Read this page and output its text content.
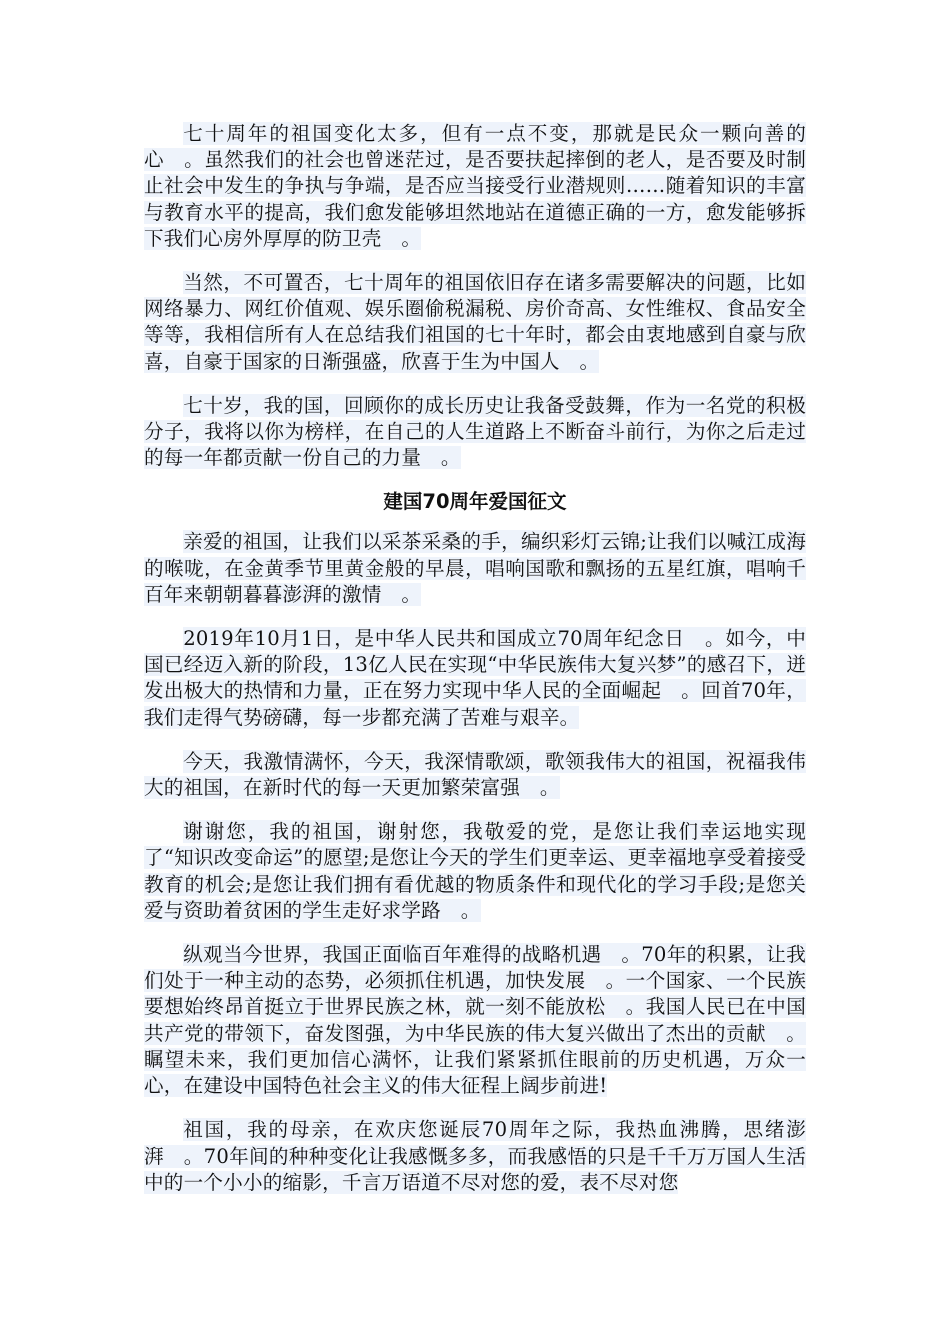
七十周年的祖国变化太多，但有一点不变，那就是民众一颗向善的心　。虽然我们的社会也曾迷茫过，是否要扶起摔倒的老人，是否要及时制止社会中发生的争执与争端，是否应当接受行业潜规则……随着知识的丰富与教育水平的提高，我们愈发能够坦然地站在道德正确的一方，愈发能够拆下我们心房外厚厚的防卫壳　。

当然，不可置否，七十周年的祖国依旧存在诸多需要解决的问题，比如网络暴力、网红价值观、娱乐圈偷税漏税、房价奇高、女性维权、食品安全等等，我相信所有人在总结我们祖国的七十年时，都会由衷地感到自豪与欣喜，自豪于国家的日渐强盛，欣喜于生为中国人　。

七十岁，我的国，回顾你的成长历史让我备受鼓舞，作为一名党的积极分子，我将以你为榜样，在自己的人生道路上不断奋斗前行，为你之后走过的每一年都贡献一份自己的力量　。

建国70周年爱国征文

亲爱的祖国，让我们以采茶采桑的手，编织彩灯云锦;让我们以喊江成海的喉咙，在金黄季节里黄金般的早晨，唱响国歌和飘扬的五星红旗，唱响千百年来朝朝暮暮澎湃的激情　。

2019年10月1日，是中华人民共和国成立70周年纪念日　。如今，中国已经迈入新的阶段，13亿人民在实现“中华民族伟大复兴梦”的感召下，迸发出极大的热情和力量，正在努力实现中华人民的全面崛起　。回首70年，我们走得气势磅礴，每一步都充满了苦难与艰辛。

今天，我激情满怀，今天，我深情歌颂，歌领我伟大的祖国，祝福我伟大的祖国，在新时代的每一天更加繁荣富强　。

谢谢您，我的祖国，谢射您，我敬爱的党，是您让我们幸运地实现了“知识改变命运”的愿望;是您让今天的学生们更幸运、更幸福地享受着接受教育的机会;是您让我们拥有看优越的物质条件和现代化的学习手段;是您关爱与资助着贫困的学生走好求学路　。

纵观当今世界，我国正面临百年难得的战略机遇　。70年的积累，让我们处于一种主动的态势，必须抓住机遇，加快发展　。一个国家、一个民族要想始终昂首挺立于世界民族之林，就一刻不能放松　。我国人民已在中国共产党的带领下，奋发图强，为中华民族的伟大复兴做出了杰出的贡献　。瞩望未来，我们更加信心满怀，让我们紧紧抓住眼前的历史机遇，万众一心，在建设中国特色社会主义的伟大征程上阔步前进!

祖国，我的母亲，在欢庆您诞辰70周年之际，我热血沸腾，思绪澎湃　。70年间的种种变化让我感慨多多，而我感悟的只是千千万万国人生活中的一个小小的缩影，千言万语道不尽对您的爱，表不尽对您
